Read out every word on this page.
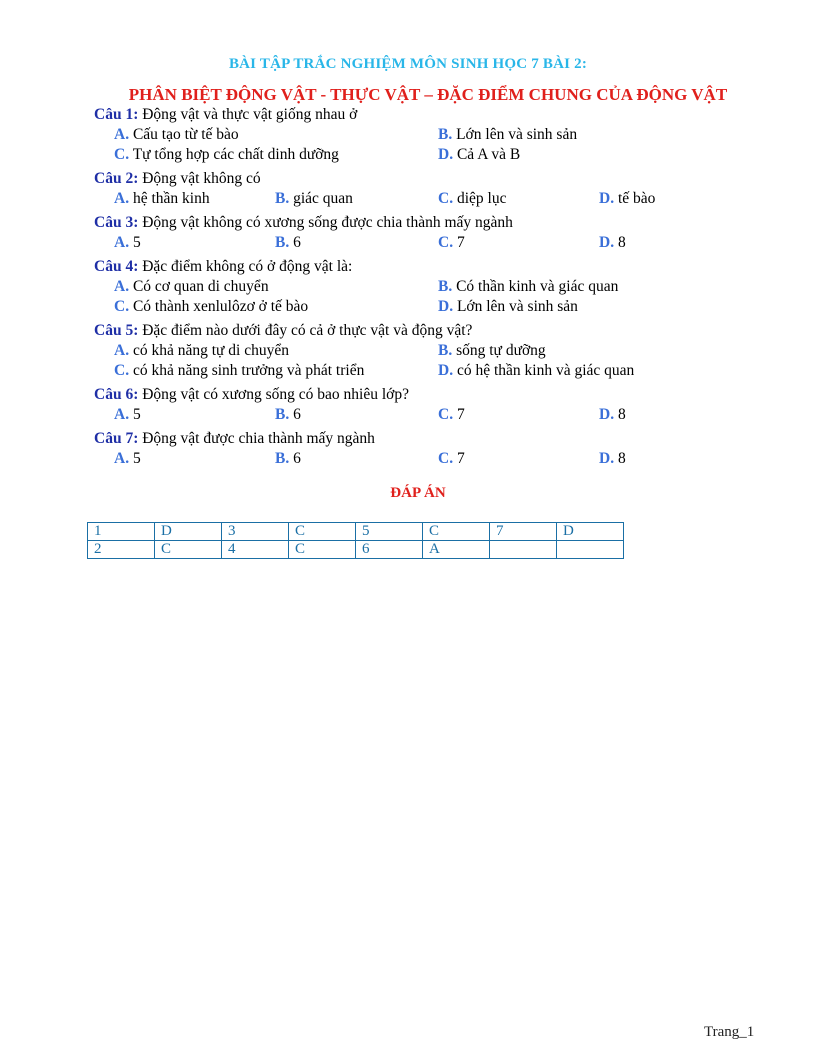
BÀI TẬP TRẮC NGHIỆM MÔN SINH HỌC 7 BÀI 2:
PHÂN BIỆT ĐỘNG VẬT - THỰC VẬT – ĐẶC ĐIỂM CHUNG CỦA ĐỘNG VẬT
Câu 1: Động vật và thực vật giống nhau ở
A. Cấu tạo từ tế bào	B. Lớn lên và sinh sản
C. Tự tổng hợp các chất dinh dưỡng	D. Cả A và B
Câu 2: Động vật không có
A. hệ thần kinh	B. giác quan	C. diệp lục	D. tế bào
Câu 3: Động vật không có xương sống được chia thành mấy ngành
A. 5	B. 6	C. 7	D. 8
Câu 4: Đặc điểm không có ở động vật là:
A. Có cơ quan di chuyển	B. Có thần kinh và giác quan
C. Có thành xenlulôzơ ở tế bào	D. Lớn lên và sinh sản
Câu 5: Đặc điểm nào dưới đây có cả ở thực vật và động vật?
A. có khả năng tự di chuyển	B. sống tự dưỡng
C. có khả năng sinh trưởng và phát triển	D. có hệ thần kinh và giác quan
Câu 6: Động vật có xương sống có bao nhiêu lớp?
A. 5	B. 6	C. 7	D. 8
Câu 7: Động vật được chia thành mấy ngành
A. 5	B. 6	C. 7	D. 8
ĐÁP ÁN
1	D	3	C	5	C	7	D
2	C	4	C	6	A		
Trang_1
